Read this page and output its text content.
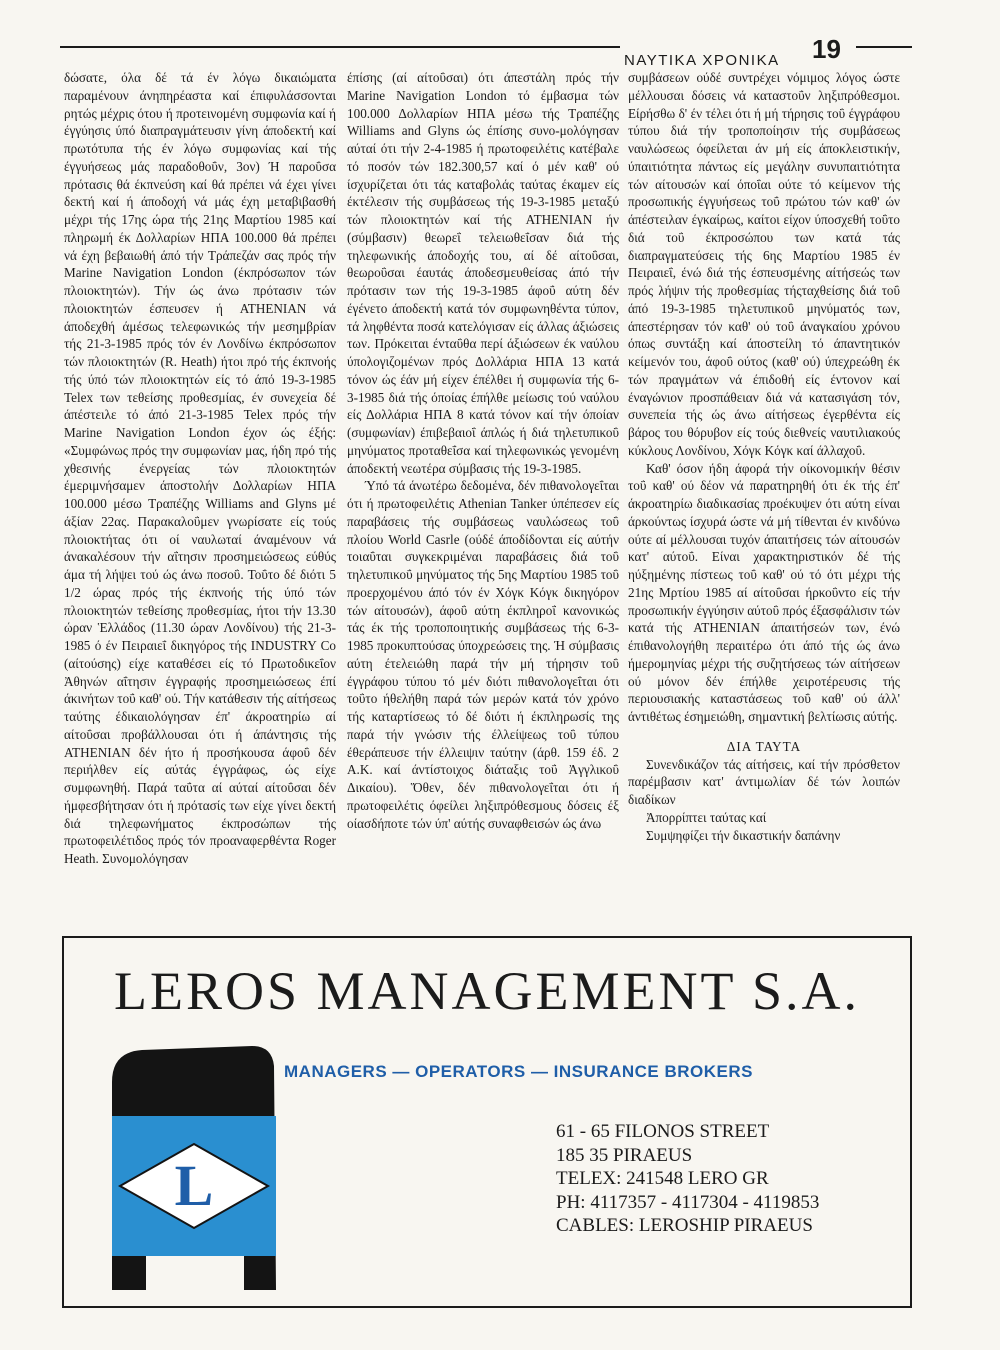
ΝΑΥΤΙΚΑ ΧΡΟΝΙΚΑ 19

δώσατε, όλα δέ τά έν λόγω δικαιώματα παραμένουν άνηπηρέαστα καί έπιφυλάσσονται ρητώς μέχρις ότου ή προτεινομένη συμφωνία καί ή έγγύησις ύπό διαπραγμάτευσιν γίνη άποδεκτή καί πρωτότυπα τής έν λόγω συμφωνίας καί τής έγγυήσεως μάς παραδοθοΰν, 3ον) Ή παροΰσα πρότασις θά έκπνεύση καί θά πρέπει νά έχει γίνει δεκτή καί ή άποδοχή νά μάς έχη μεταβιβασθή μέχρι τής 17ης ώρα τής 21ης Μαρτίου 1985 καί πληρωμή έκ Δολλαρίων ΗΠΑ 100.000 θά πρέπει νά έχη βεβαιωθή άπό τήν Τράπεζάν σας πρός τήν Marine Navigation London (έκπρόσωπον τών πλοιοκτητών). Τήν ώς άνω πρότασιν τών πλοιοκτητών έσπευσεν ή ATHENIAN νά άποδεχθή άμέσως τελεφωνικώς τήν μεσημβρίαν τής 21-3-1985 πρός τόν έν Λονδίνω έκπρόσωπον τών πλοιοκτητών (R. Heath) ήτοι πρό τής έκπνοής τής ύπό τών πλοιοκτητών είς τό άπό 19-3-1985 Telex των τεθείσης προθεσμίας, έν συνεχεία δέ άπέστειλε τό άπό 21-3-1985 Telex πρός τήν Marine Navigation London έχον ώς έξής: «Συμφώνως πρός την συμφωνίαν μας, ήδη πρό τής χθεσινής ένεργείας τών πλοιοκτητών έμεριμνήσαμεν άποστολήν Δολλαρίων ΗΠΑ 100.000 μέσω Τραπέζης Williams and Glyns μέ άξίαν 22ας. Παρακαλοΰμεν γνωρίσατε είς τούς πλοιοκτήτας ότι οί ναυλωταί άναμένουν νά άνακαλέσουν τήν αΐτησιν προσημειώσεως εύθύς άμα τή λήψει τού ώς άνω ποσοΰ. Τοΰτο δέ διότι 5 1/2 ώρας πρός τής έκπνοής τής ύπό τών πλοιοκτητών τεθείσης προθεσμίας, ήτοι τήν 13.30 ώραν Ἑλλάδος (11.30 ώραν Λονδίνου) τής 21-3-1985 ό έν Πειραιεΐ δικηγόρος τής INDUSTRY Co (αίτούσης) είχε καταθέσει είς τό Πρωτοδικεΐον Ἀθηνών αΐτησιν έγγραφής προσημειώσεως έπί άκινήτων τοΰ καθ' ού. Τήν κατάθεσιν τής αίτήσεως ταύτης έδικαιολόγησαν έπ' άκροατηρίω αί αίτοΰσαι προβάλλουσαι ότι ή άπάντησις τής ATHENIAN δέν ήτο ή προσήκουσα άφοΰ δέν περιήλθεν είς αύτάς έγγράφως, ώς είχε συμφωνηθή. Παρά ταΰτα αί αύταί αίτοΰσαι δέν ήμφεσβήτησαν ότι ή πρότασίς των είχε γίνει δεκτή διά τηλεφωνήματος έκπροσώπων τής πρωτοφειλέτιδος πρός τόν προαναφερθέντα Roger Heath. Συνομολόγησαν

έπίσης (αί αίτοΰσαι) ότι άπεστάλη πρός τήν Marine Navigation London τό έμβασμα τών 100.000 Δολλαρίων ΗΠΑ μέσω τής Τραπέζης Williams and Glyns ώς έπίσης συνο-μολόγησαν αύταί ότι τήν 2-4-1985 ή πρωτοφειλέτις κατέβαλε τό ποσόν τών 182.300,57 καί ό μέν καθ' ού ίσχυρίζεται ότι τάς καταβολάς ταύτας έκαμεν είς έκτέλεσιν τής συμβάσεως τής 19-3-1985 μεταξύ τών πλοιοκτητών καί τής ATHENIAN ήν (σύμβασιν) θεωρεΐ τελειωθεΐσαν διά τής τηλεφωνικής άποδοχής του, αί δέ αίτοΰσαι, θεωροΰσαι έαυτάς άποδεσμευθείσας άπό τήν πρότασιν των τής 19-3-1985 άφοΰ αύτη δέν έγένετο άποδεκτή κατά τόν συμφωνηθέντα τύπον, τά ληφθέντα ποσά κατελόγισαν είς άλλας άξιώσεις των. Πρόκειται ένταΰθα περί άξιώσεων έκ ναύλου ύπολογιζομένων πρός Δολλάρια ΗΠΑ 13 κατά τόνον ώς έάν μή είχεν έπέλθει ή συμφωνία τής 6-3-1985 διά τής όποίας έπήλθε μείωσις τού ναύλου είς Δολλάρια ΗΠΑ 8 κατά τόνον καί τήν όποίαν (συμφωνίαν) έπιβεβαιοΐ άπλώς ή διά τηλετυπικοΰ μηνύματος προταθεΐσα καί τηλεφωνικώς γενομένη άποδεκτή νεωτέρα σύμβασις τής 19-3-1985.

Ύπό τά άνωτέρω δεδομένα, δέν πιθανολογεΐται ότι ή πρωτοφειλέτις Athenian Tanker ύπέπεσεν είς παραβάσεις τής συμβάσεως ναυλώσεως τοΰ πλοίου World Casrle (ούδέ άποδίδονται είς αύτήν τοιαΰται συγκεκριμέναι παραβάσεις διά τοΰ τηλετυπικοΰ μηνύματος τής 5ης Μαρτίου 1985 τοΰ προερχομένου άπό τόν έν Χόγκ Κόγκ δικηγόρον τών αίτουσών), άφοΰ αύτη έκπληροΐ κανονικώς τάς έκ τής τροποποιητικής συμβάσεως τής 6-3-1985 προκυπτούσας ύποχρεώσεις της. Ή σύμβασις αύτη έτελειώθη παρά τήν μή τήρησιν τοΰ έγγράφου τύπου τό μέν διότι πιθανολογεΐται ότι τοΰτο ήθελήθη παρά τών μερών κατά τόν χρόνο τής καταρτίσεως τό δέ διότι ή έκπληρωσίς της παρά τήν γνώσιν τής έλλείψεως τοΰ τύπου έθεράπευσε τήν έλλειψιν ταύτην (άρθ. 159 έδ. 2 Α.Κ. καί άντίστοιχος διάταξις τοΰ Ἀγγλικοΰ Δικαίου). Ὅθεν, δέν πιθανολογεΐται ότι ή πρωτοφειλέτις όφείλει ληξιπρόθεσμους δόσεις έξ οίασδήποτε τών ύπ' αύτής συναφθεισών ώς άνω

συμβάσεων ούδέ συντρέχει νόμιμος λόγος ώστε μέλλουσαι δόσεις νά καταστοΰν ληξιπρόθεσμοι. Είρήσθω δ' έν τέλει ότι ή μή τήρησις τοΰ έγγράφου τύπου διά τήν τροποποίησιν τής συμβάσεως ναυλώσεως όφείλεται άν μή είς άποκλειστικήν, ύπαιτιότητα πάντως είς μεγάλην συνυπαιτιότητα τών αίτουσών καί όποΐαι ούτε τό κείμενον τής προσωπικής έγγυήσεως τοΰ πρώτου τών καθ' ών άπέστειλαν έγκαίρως, καίτοι είχον ύποσχεθή τοΰτο διά τοΰ έκπροσώπου των κατά τάς διαπραγματεύσεις τής 6ης Μαρτίου 1985 έν Πειραιεΐ, ένώ διά τής έσπευσμένης αίτήσεώς των πρός λήψιν τής προθεσμίας τήςταχθείσης διά τοΰ άπό 19-3-1985 τηλετυπικοΰ μηνύματός των, άπεστέρησαν τόν καθ' ού τοΰ άναγκαίου χρόνου όπως συντάξη καί άποστείλη τό άπαντητικόν κείμενόν του, άφοΰ ούτος (καθ' ού) ύπεχρεώθη έκ τών πραγμάτων νά έπιδοθή είς έντονον καί έναγώνιον προσπάθειαν διά νά κατασιγάση τόν, συνεπεία τής ώς άνω αίτήσεως έγερθέντα είς βάρος του θόρυβον είς τούς διεθνείς ναυτιλιακούς κύκλους Λονδίνου, Χόγκ Κόγκ καί άλλαχοΰ.

Καθ' όσον ήδη άφορά τήν οίκονομικήν θέσιν τοΰ καθ' ού δέον νά παρατηρηθή ότι έκ τής έπ' άκροατηρίω διαδικασίας προέκυψεν ότι αύτη είναι άρκούντως ίσχυρά ώστε νά μή τίθενται έν κινδύνω ούτε αί μέλλουσαι τυχόν άπαιτήσεις τών αίτουσών κατ' αύτοΰ. Είναι χαρακτηριστικόν δέ τής ηύξημένης πίστεως τοΰ καθ' ού τό ότι μέχρι τής 21ης Μρτίου 1985 αί αίτοΰσαι ήρκοΰντο είς τήν προσωπικήν έγγύησιν αύτοΰ πρός έξασφάλισιν τών κατά τής ATHENIAN άπαιτήσεών των, ένώ έπιθανολογήθη περαιτέρω ότι άπό τής ώς άνω ήμερομηνίας μέχρι τής συζητήσεως τών αίτήσεων ού μόνον δέν έπήλθε χειροτέρευσις τής περιουσιακής καταστάσεως τοΰ καθ' ού άλλ' άντιθέτως έσημειώθη, σημαντική βελτίωσις αύτής.

ΔΙΑ ΤΑΥΤΑ

Συνενδικάζον τάς αίτήσεις, καί τήν πρόσθετον παρέμβασιν κατ' άντιμωλίαν δέ τών λοιπών διαδίκων

Ἀπορρίπτει ταύτας καί

Συμψηφίζει τήν δικαστικήν δαπάνην

LEROS MANAGEMENT S.A.
MANAGERS — OPERATORS — INSURANCE BROKERS
L
61 - 65 FILONOS STREET
185 35 PIRAEUS
TELEX: 241548 LERO GR
PH: 4117357 - 4117304 - 4119853
CABLES: LEROSHIP PIRAEUS
